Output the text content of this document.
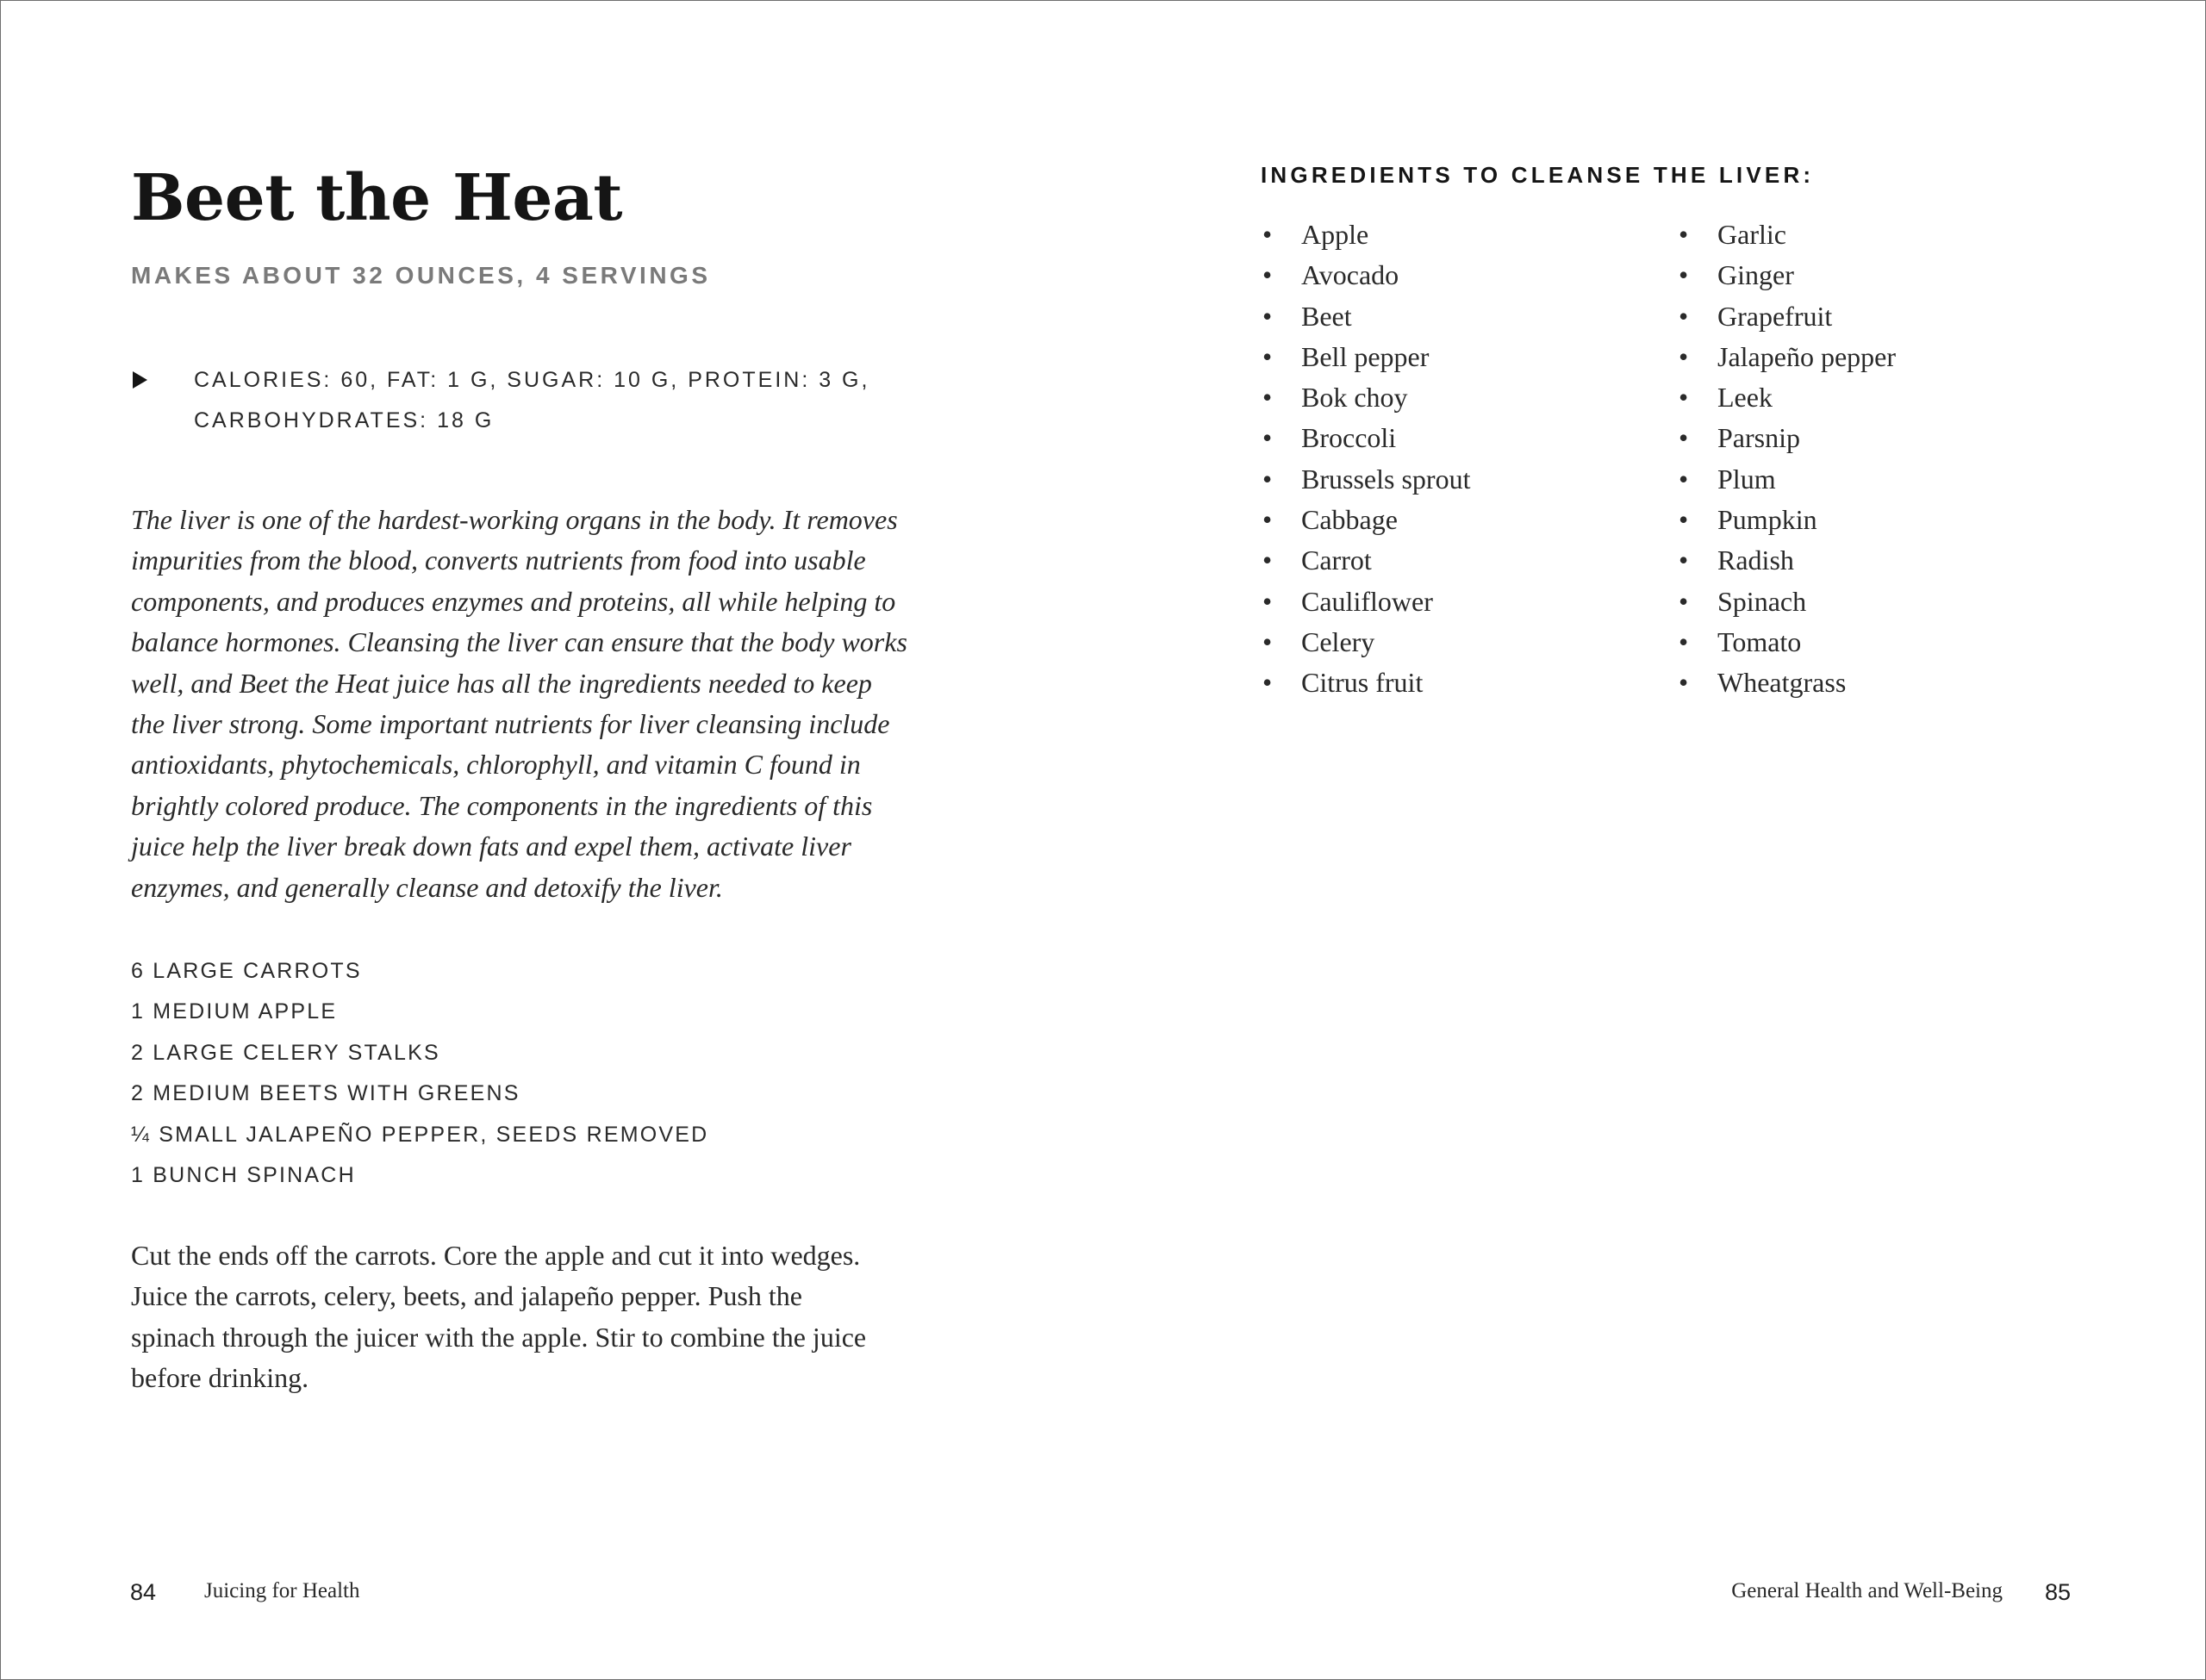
Beet the Heat
MAKES ABOUT 32 OUNCES, 4 SERVINGS
CALORIES: 60, FAT: 1 G, SUGAR: 10 G, PROTEIN: 3 G,
CARBOHYDRATES: 18 G
The liver is one of the hardest-working organs in the body. It removes
impurities from the blood, converts nutrients from food into usable
components, and produces enzymes and proteins, all while helping to
balance hormones. Cleansing the liver can ensure that the body works
well, and Beet the Heat juice has all the ingredients needed to keep
the liver strong. Some important nutrients for liver cleansing include
antioxidants, phytochemicals, chlorophyll, and vitamin C found in
brightly colored produce. The components in the ingredients of this
juice help the liver break down fats and expel them, activate liver
enzymes, and generally cleanse and detoxify the liver.
6 LARGE CARROTS
1 MEDIUM APPLE
2 LARGE CELERY STALKS
2 MEDIUM BEETS WITH GREENS
¼ SMALL JALAPEÑO PEPPER, SEEDS REMOVED
1 BUNCH SPINACH
Cut the ends off the carrots. Core the apple and cut it into wedges.
Juice the carrots, celery, beets, and jalapeño pepper. Push the
spinach through the juicer with the apple. Stir to combine the juice
before drinking.
INGREDIENTS TO CLEANSE THE LIVER:
• Apple
• Avocado
• Beet
• Bell pepper
• Bok choy
• Broccoli
• Brussels sprout
• Cabbage
• Carrot
• Cauliflower
• Celery
• Citrus fruit
• Garlic
• Ginger
• Grapefruit
• Jalapeño pepper
• Leek
• Parsnip
• Plum
• Pumpkin
• Radish
• Spinach
• Tomato
• Wheatgrass
84 Juicing for Health	General Health and Well-Being 85
